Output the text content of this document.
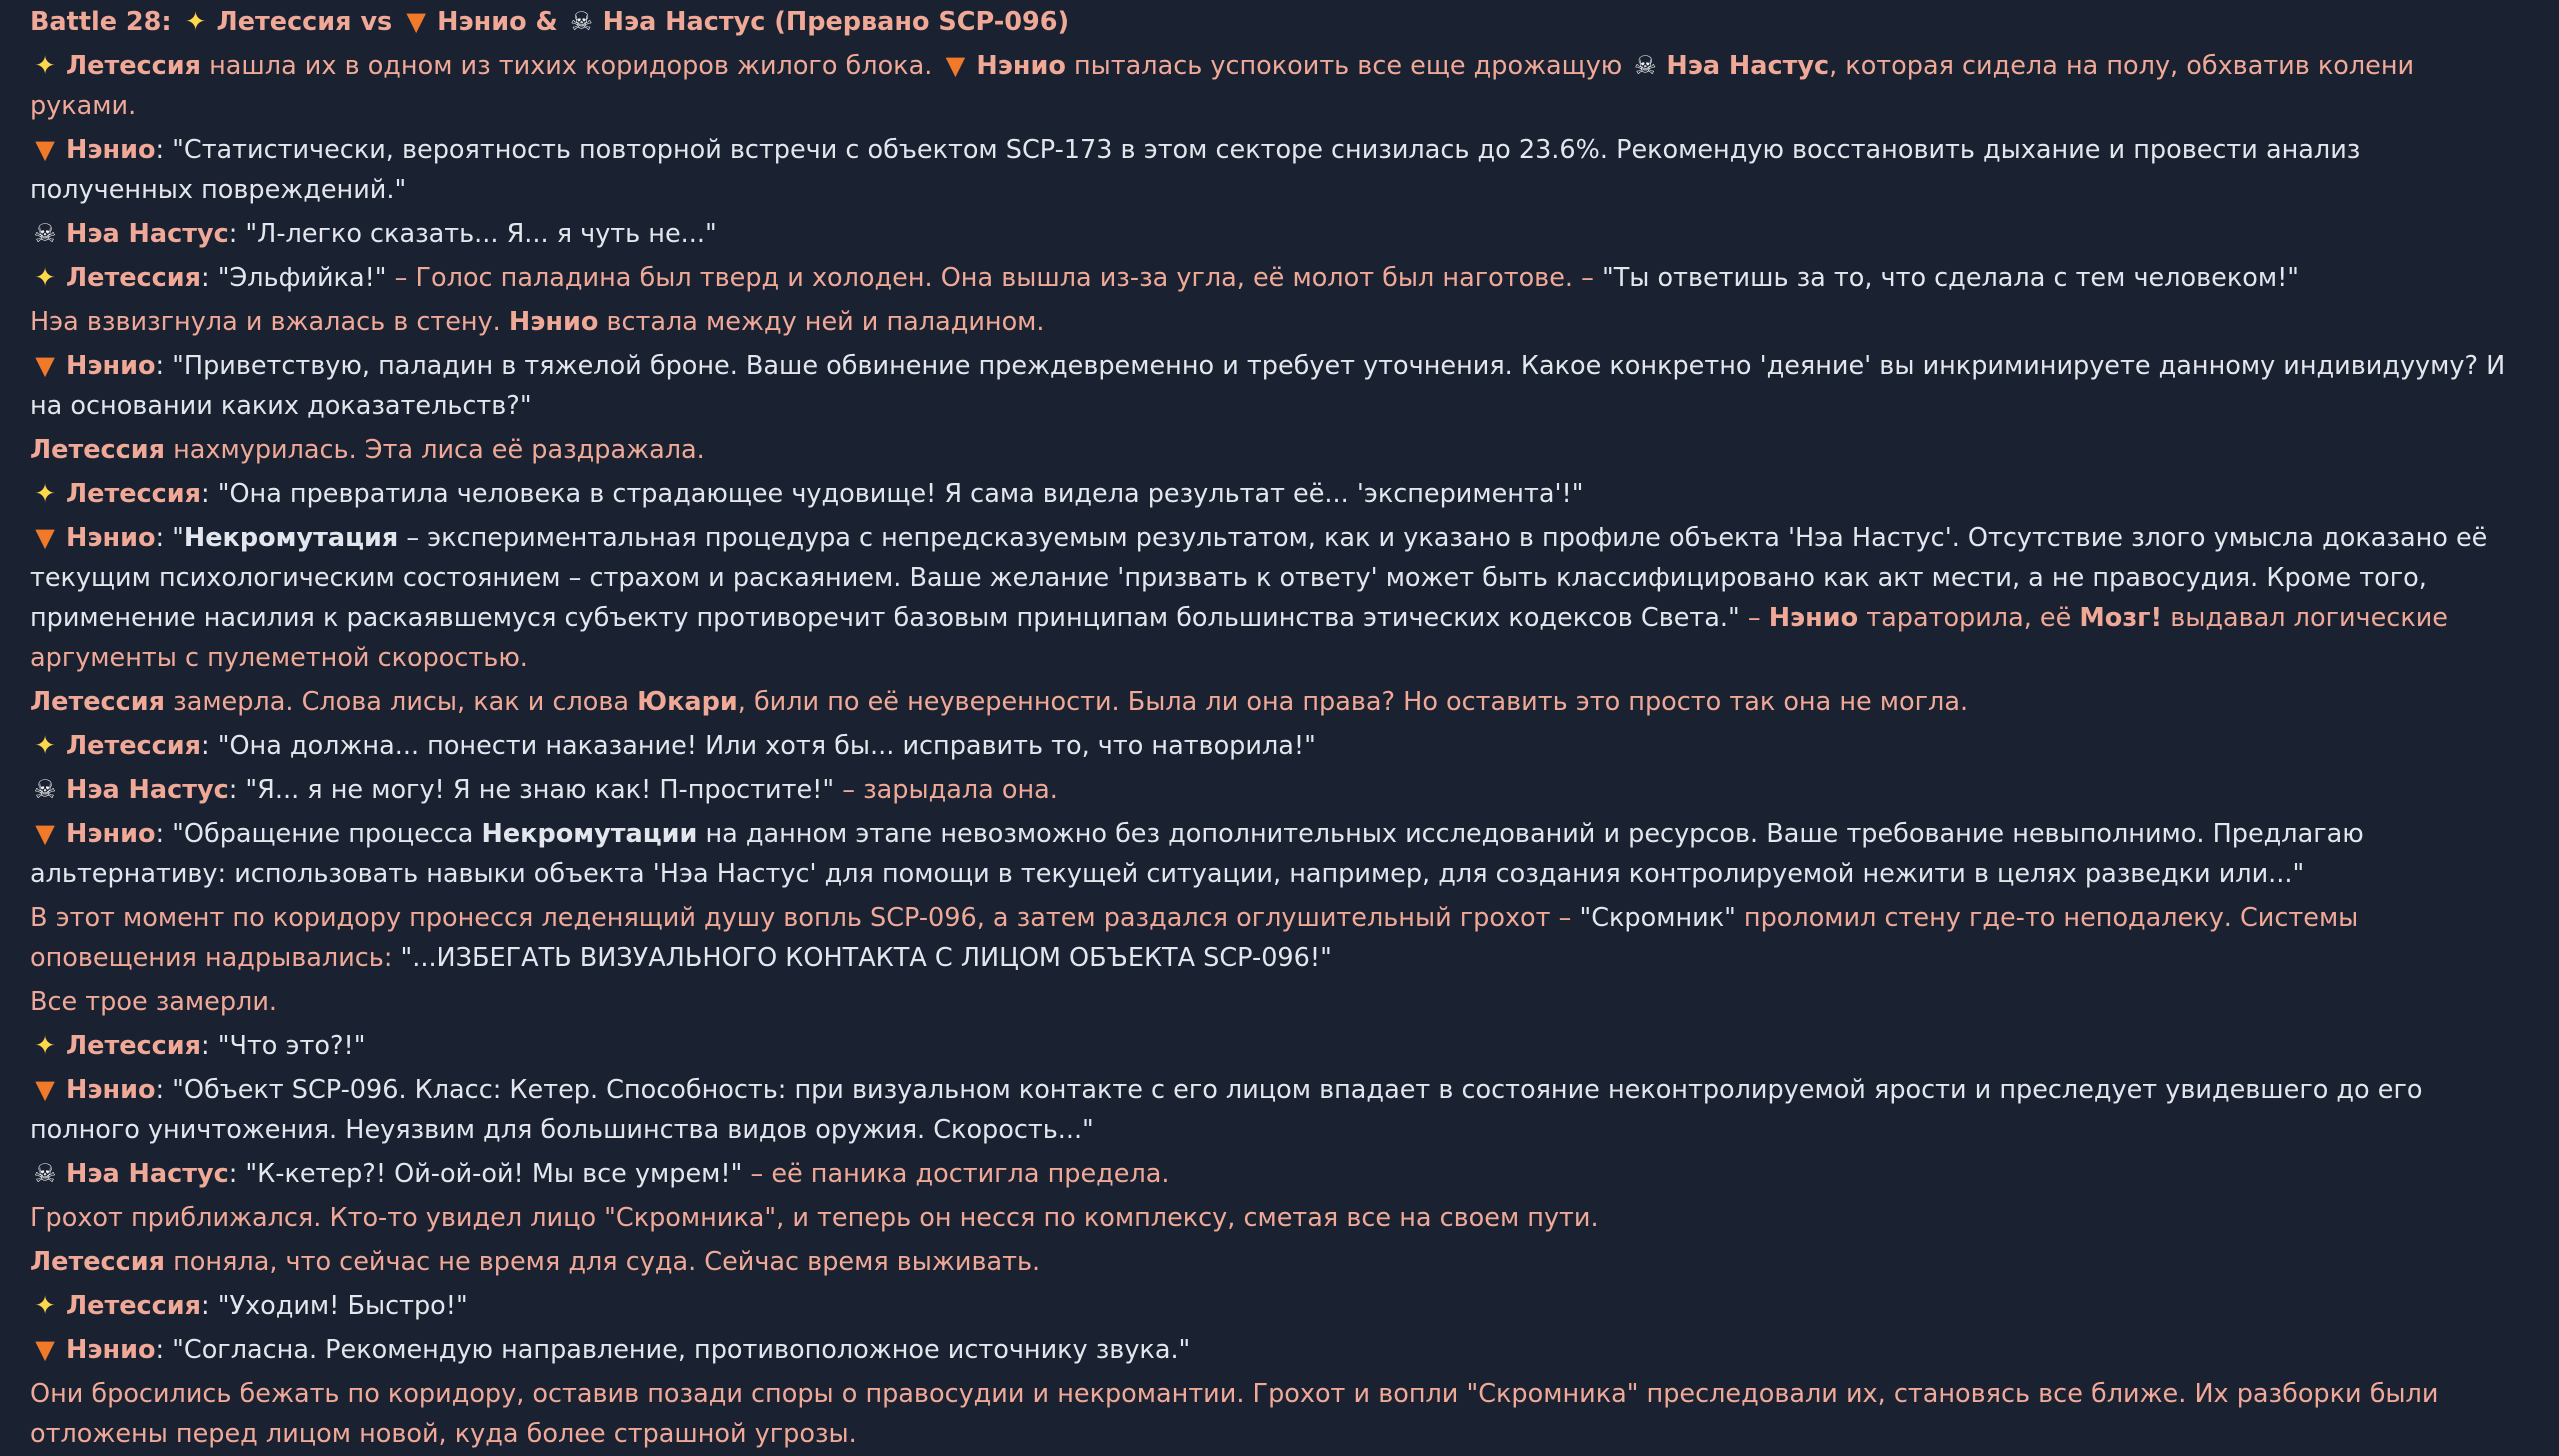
Battle 28: ✦ Летессия vs ▼ Нэнио & ☠ Нэа Настус (Прервано SCP-096)
✦ Летессия нашла их в одном из тихих коридоров жилого блока. ▼ Нэнио пыталась успокоить все еще дрожащую ☠ Нэа Настус, которая сидела на полу, обхватив колени руками.
▼ Нэнио: "Статистически, вероятность повторной встречи с объектом SCP-173 в этом секторе снизилась до 23.6%. Рекомендую восстановить дыхание и провести анализ полученных повреждений."
☠ Нэа Настус: "Л-легко сказать... Я... я чуть не..."
✦ Летессия: "Эльфийка!" – Голос паладина был тверд и холоден. Она вышла из-за угла, её молот был наготове. – "Ты ответишь за то, что сделала с тем человеком!"
Нэа взвизгнула и вжалась в стену. Нэнио встала между ней и паладином.
▼ Нэнио: "Приветствую, паладин в тяжелой броне. Ваше обвинение преждевременно и требует уточнения. Какое конкретно 'деяние' вы инкриминируете данному индивидууму? И на основании каких доказательств?"
Летессия нахмурилась. Эта лиса её раздражала.
✦ Летессия: "Она превратила человека в страдающее чудовище! Я сама видела результат её... 'эксперимента'!"
▼ Нэнио: "Некромутация – экспериментальная процедура с непредсказуемым результатом, как и указано в профиле объекта 'Нэа Настус'. Отсутствие злого умысла доказано её текущим психологическим состоянием – страхом и раскаянием. Ваше желание 'призвать к ответу' может быть классифицировано как акт мести, а не правосудия. Кроме того, применение насилия к раскаявшемуся субъекту противоречит базовым принципам большинства этических кодексов Света." – Нэнио тараторила, её Мозг! выдавал логические аргументы с пулеметной скоростью.
Летессия замерла. Слова лисы, как и слова Юкари, били по её неуверенности. Была ли она права? Но оставить это просто так она не могла.
✦ Летессия: "Она должна... понести наказание! Или хотя бы... исправить то, что натворила!"
☠ Нэа Настус: "Я... я не могу! Я не знаю как! П-простите!" – зарыдала она.
▼ Нэнио: "Обращение процесса Некромутации на данном этапе невозможно без дополнительных исследований и ресурсов. Ваше требование невыполнимо. Предлагаю альтернативу: использовать навыки объекта 'Нэа Настус' для помощи в текущей ситуации, например, для создания контролируемой нежити в целях разведки или..."
В этот момент по коридору пронесся леденящий душу вопль SCP-096, а затем раздался оглушительный грохот – "Скромник" проломил стену где-то неподалеку. Системы оповещения надрывались: "...ИЗБЕГАТЬ ВИЗУАЛЬНОГО КОНТАКТА С ЛИЦОМ ОБЪЕКТА SCP-096!"
Все трое замерли.
✦ Летессия: "Что это?!"
▼ Нэнио: "Объект SCP-096. Класс: Кетер. Способность: при визуальном контакте с его лицом впадает в состояние неконтролируемой ярости и преследует увидевшего до его полного уничтожения. Неуязвим для большинства видов оружия. Скорость..."
☠ Нэа Настус: "К-кетер?! Ой-ой-ой! Мы все умрем!" – её паника достигла предела.
Грохот приближался. Кто-то увидел лицо "Скромника", и теперь он несся по комплексу, сметая все на своем пути.
Летессия поняла, что сейчас не время для суда. Сейчас время выживать.
✦ Летессия: "Уходим! Быстро!"
▼ Нэнио: "Согласна. Рекомендую направление, противоположное источнику звука."
Они бросились бежать по коридору, оставив позади споры о правосудии и некромантии. Грохот и вопли "Скромника" преследовали их, становясь все ближе. Их разборки были отложены перед лицом новой, куда более страшной угрозы.
